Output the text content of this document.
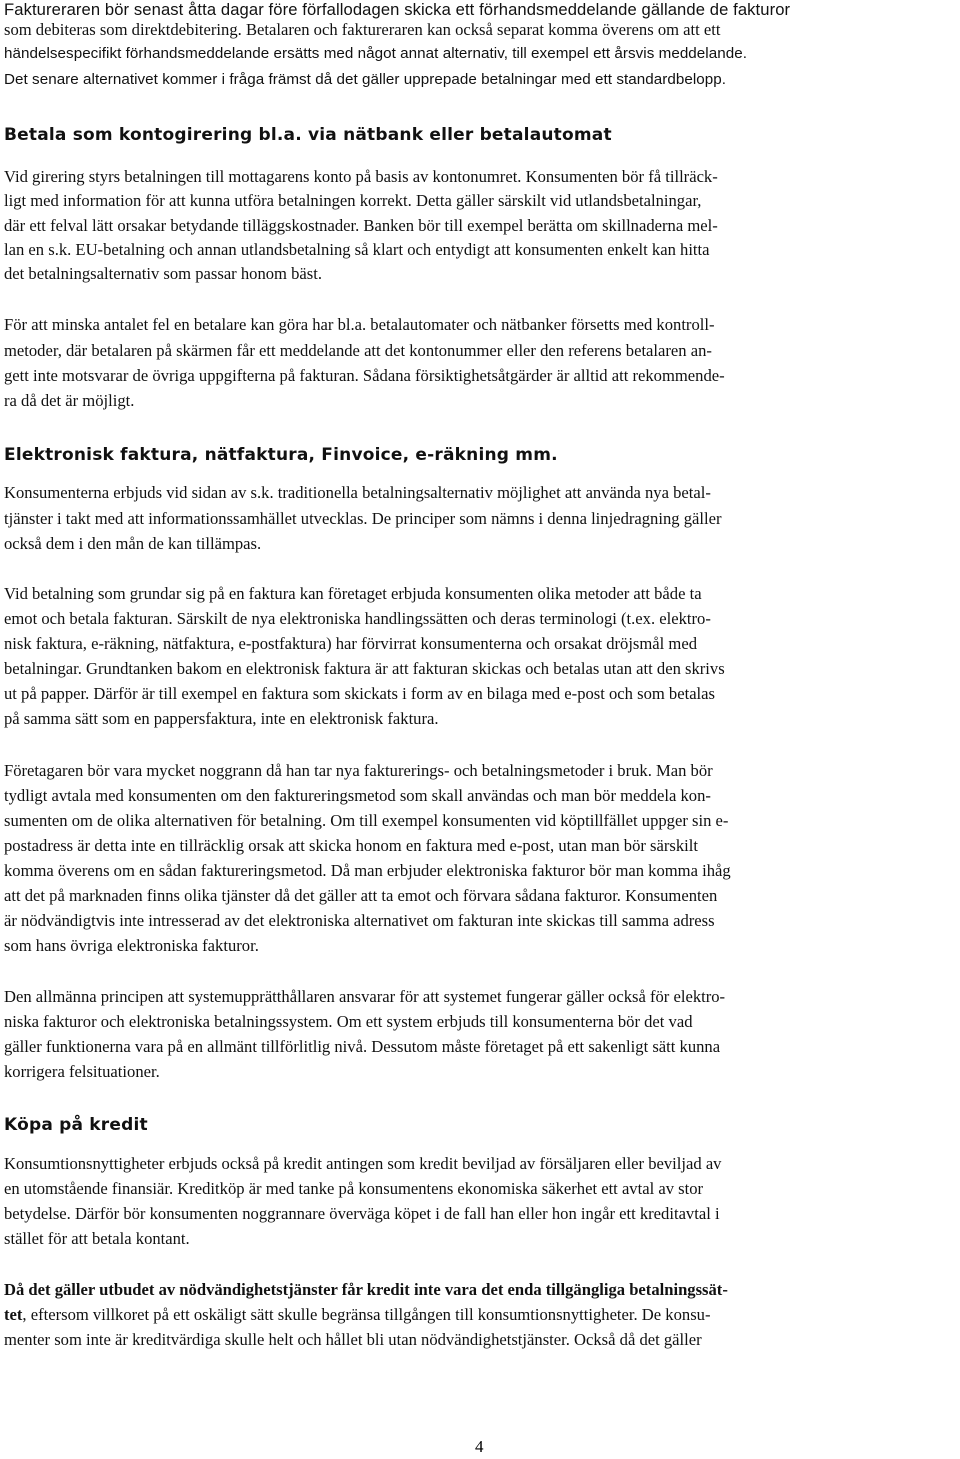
Faktureraren bör senast åtta dagar före förfallodagen skicka ett förhandsmeddelande gällande de fakturor
som debiteras som direktdebitering. Betalaren och faktureraren kan också separat komma överens om att ett
händelsespecifikt förhandsmeddelande ersätts med något annat alternativ, till exempel ett årsvis meddelande.
Det senare alternativet kommer i fråga främst då det gäller upprepade betalningar med ett standardbelopp.
Betala som kontogirering bl.a. via nätbank eller betalautomat
Vid girering styrs betalningen till mottagarens konto på basis av kontonumret. Konsumenten bör få tillräck-
ligt med information för att kunna utföra betalningen korrekt. Detta gäller särskilt vid utlandsbetalningar,
där ett felval lätt orsakar betydande tilläggskostnader. Banken bör till exempel berätta om skillnaderna mel-
lan en s.k. EU-betalning och annan utlandsbetalning så klart och entydigt att konsumenten enkelt kan hitta
det betalningsalternativ som passar honom bäst.
För att minska antalet fel en betalare kan göra har bl.a. betalautomater och nätbanker försetts med kontroll-
metoder, där betalaren på skärmen får ett meddelande att det kontonummer eller den referens betalaren an-
gett inte motsvarar de övriga uppgifterna på fakturan. Sådana försiktighetsåtgärder är alltid att rekommende-
ra då det är möjligt.
Elektronisk faktura, nätfaktura, Finvoice, e-räkning mm.
Konsumenterna erbjuds vid sidan av s.k. traditionella betalningsalternativ möjlighet att använda nya betal-
tjänster i takt med att informationssamhället utvecklas. De principer som nämns i denna linjedragning gäller
också dem i den mån de kan tillämpas.
Vid betalning som grundar sig på en faktura kan företaget erbjuda konsumenten olika metoder att både ta
emot och betala fakturan. Särskilt de nya elektroniska handlingssätten och deras terminologi (t.ex. elektro-
nisk faktura, e-räkning, nätfaktura, e-postfaktura) har förvirrat konsumenterna och orsakat dröjsmål med
betalningar. Grundtanken bakom en elektronisk faktura är att fakturan skickas och betalas utan att den skrivs
ut på papper. Därför är till exempel en faktura som skickats i form av en bilaga med e-post och som betalas
på samma sätt som en pappersfaktura, inte en elektronisk faktura.
Företagaren bör vara mycket noggrann då han tar nya fakturerings- och betalningsmetoder i bruk. Man bör
tydligt avtala med konsumenten om den faktureringsmetod som skall användas och man bör meddela kon-
sumenten om de olika alternativen för betalning. Om till exempel konsumenten vid köptillfället uppger sin e-
postadress är detta inte en tillräcklig orsak att skicka honom en faktura med e-post, utan man bör särskilt
komma överens om en sådan faktureringsmetod. Då man erbjuder elektroniska fakturor bör man komma ihåg
att det på marknaden finns olika tjänster då det gäller att ta emot och förvara sådana fakturor. Konsumenten
är nödvändigtvis inte intresserad av det elektroniska alternativet om fakturan inte skickas till samma adress
som hans övriga elektroniska fakturor.
Den allmänna principen att systemupprätthållaren ansvarar för att systemet fungerar gäller också för elektro-
niska fakturor och elektroniska betalningssystem. Om ett system erbjuds till konsumenterna bör det vad
gäller funktionerna vara på en allmänt tillförlitlig nivå. Dessutom måste företaget på ett sakenligt sätt kunna
korrigera felsituationer.
Köpa på kredit
Konsumtionsnyttigheter erbjuds också på kredit antingen som kredit beviljad av försäljaren eller beviljad av
en utomstående finansiär. Kreditköp är med tanke på konsumentens ekonomiska säkerhet ett avtal av stor
betydelse. Därför bör konsumenten noggrannare överväga köpet i de fall han eller hon ingår ett kreditavtal i
stället för att betala kontant.
Då det gäller utbudet av nödvändighetstjänster får kredit inte vara det enda tillgängliga betalningssät-
tet, eftersom villkoret på ett oskäligt sätt skulle begränsa tillgången till konsumtionsnyttigheter. De konsu-
menter som inte är kreditvärdiga skulle helt och hållet bli utan nödvändighetstjänster. Också då det gäller
4
